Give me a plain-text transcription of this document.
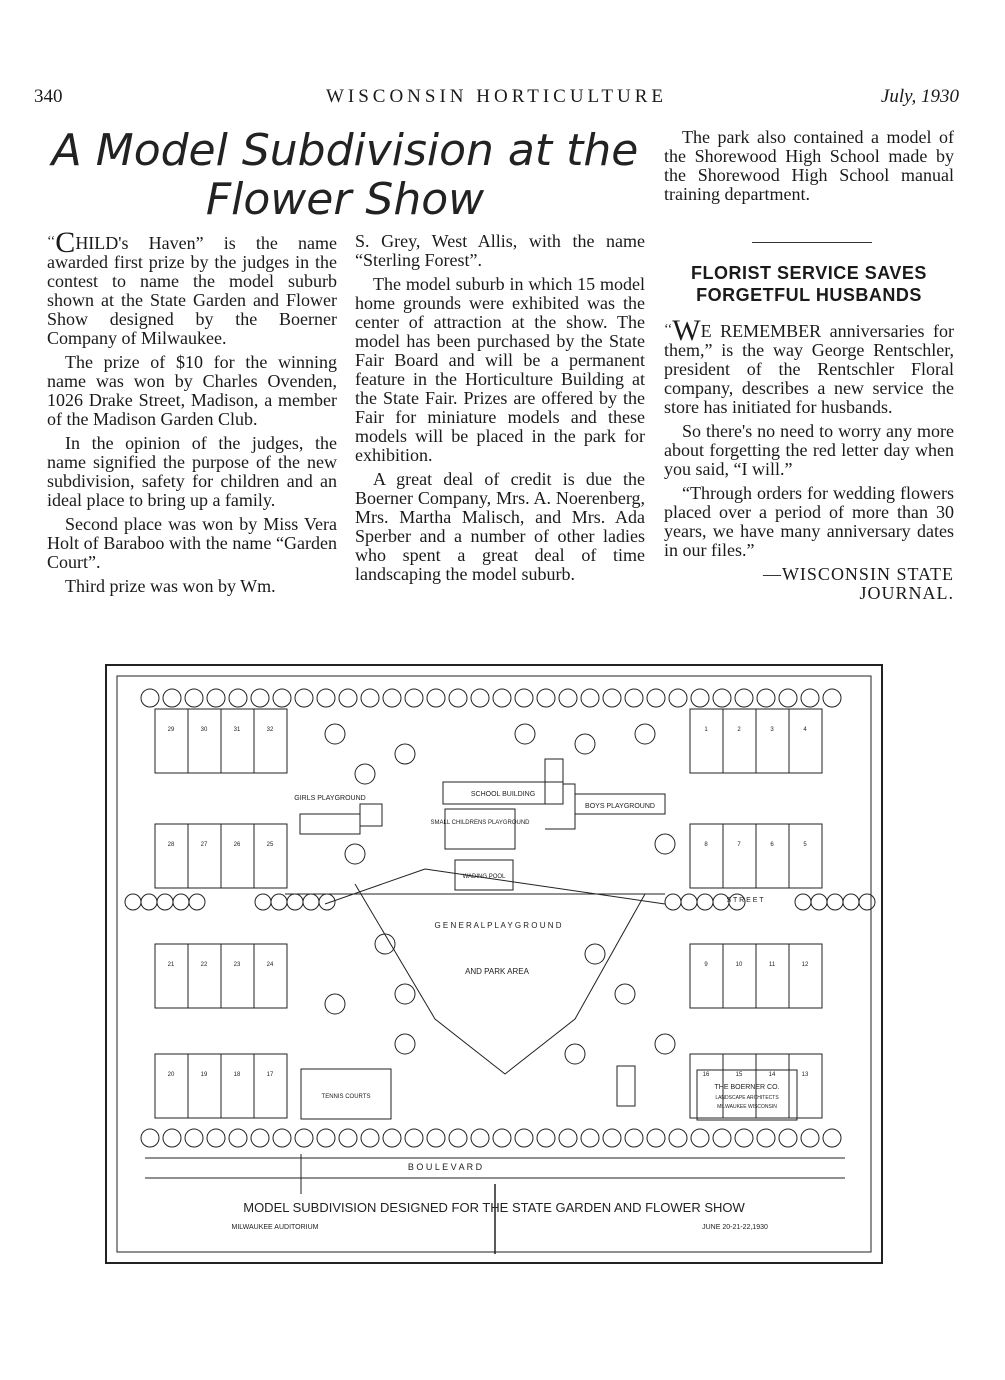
340	WISCONSIN HORTICULTURE	July, 1930
A Model Subdivision at the
Flower Show

‘‘CHILD's Haven” is the name awarded first prize by the judges in the contest to name the model suburb shown at the State Garden and Flower Show designed by the Boerner Company of Milwaukee.

The prize of $10 for the winning name was won by Charles Ovenden, 1026 Drake Street, Madison, a member of the Madison Garden Club.

In the opinion of the judges, the name signified the purpose of the new subdivision, safety for children and an ideal place to bring up a family.

Second place was won by Miss Vera Holt of Baraboo with the name “Garden Court”.

Third prize was won by Wm.

S. Grey, West Allis, with the name “Sterling Forest”.

The model suburb in which 15 model home grounds were exhibited was the center of attraction at the show. The model has been purchased by the State Fair Board and will be a permanent feature in the Horticulture Building at the State Fair. Prizes are offered by the Fair for miniature models and these models will be placed in the park for exhibition.

A great deal of credit is due the Boerner Company, Mrs. A. Noerenberg, Mrs. Martha Malisch, and Mrs. Ada Sperber and a number of other ladies who spent a great deal of time landscaping the model suburb.

The park also contained a model of the Shorewood High School made by the Shorewood High School manual training department.

FLORIST SERVICE SAVES FORGETFUL HUSBANDS

‘‘WE REMEMBER anniversaries for them,” is the way George Rentschler, president of the Rentschler Floral company, describes a new service the store has initiated for husbands.

So there's no need to worry any more about forgetting the red letter day when you said, “I will.”

“Through orders for wedding flowers placed over a period of more than 30 years, we have many anniversary dates in our files.”

—WISCONSIN STATE JOURNAL.

SCHOOL BUILDING
GIRLS PLAYGROUND
BOYS PLAYGROUND
SMALL CHILDRENS PLAYGROUND
WADING POOL
G E N E R A L P L A Y G R O U N D
AND PARK AREA
TENNIS COURTS
S T R E E T
THE BOERNER CO.
LANDSCAPE ARCHITECTS
MILWAUKEE WISCONSIN
B O U L E V A R D
MODEL SUBDIVISION DESIGNED FOR THE STATE GARDEN AND FLOWER SHOW
MILWAUKEE AUDITORIUM	JUNE 20-21-22,1930
29	30	31	32
28	27	26	25
21	22	23	24
20	19	18	17
1	2	3	4
8	7	6	5
9	10	11	12
16	15	14	13
